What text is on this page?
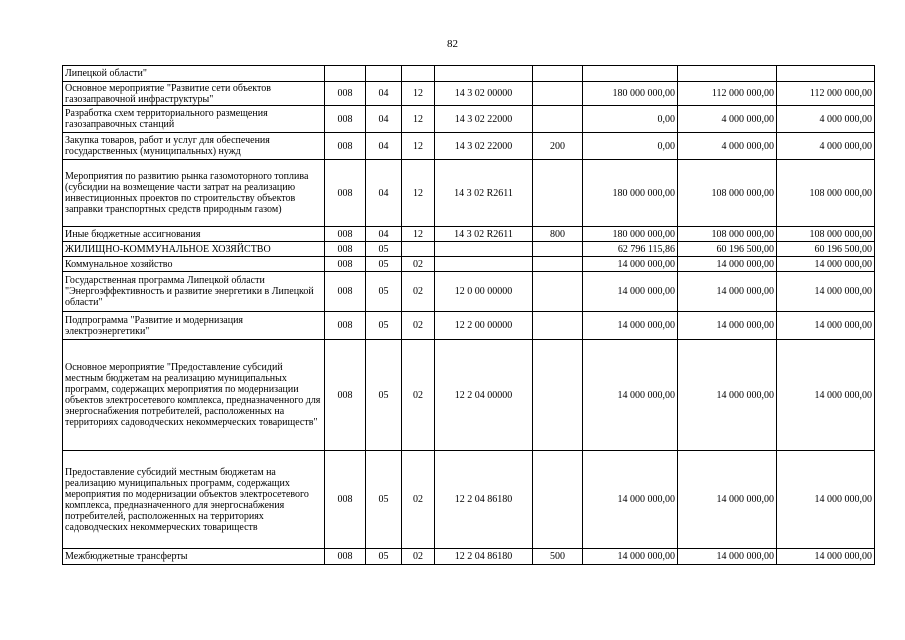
82
Липецкой области"								
Основное мероприятие "Развитие сети объектов газозаправочной инфраструктуры"	008	04	12	14 3 02 00000		180 000 000,00	112 000 000,00	112 000 000,00
Разработка схем территориального размещения газозаправочных станций	008	04	12	14 3 02 22000		0,00	4 000 000,00	4 000 000,00
Закупка товаров, работ и услуг для обеспечения государственных (муниципальных) нужд	008	04	12	14 3 02 22000	200	0,00	4 000 000,00	4 000 000,00
Мероприятия по развитию рынка газомоторного топлива (субсидии на возмещение части затрат на реализацию инвестиционных проектов по строительству объектов заправки транспортных средств природным газом)	008	04	12	14 3 02 R2611		180 000 000,00	108 000 000,00	108 000 000,00
Иные бюджетные ассигнования	008	04	12	14 3 02 R2611	800	180 000 000,00	108 000 000,00	108 000 000,00
ЖИЛИЩНО-КОММУНАЛЬНОЕ ХОЗЯЙСТВО	008	05				62 796 115,86	60 196 500,00	60 196 500,00
Коммунальное хозяйство	008	05	02			14 000 000,00	14 000 000,00	14 000 000,00
Государственная программа Липецкой области "Энергоэффективность и развитие энергетики в Липецкой области"	008	05	02	12 0 00 00000		14 000 000,00	14 000 000,00	14 000 000,00
Подпрограмма "Развитие и модернизация электроэнергетики"	008	05	02	12 2 00 00000		14 000 000,00	14 000 000,00	14 000 000,00
Основное мероприятие "Предоставление субсидий местным бюджетам на реализацию муниципальных программ, содержащих мероприятия по модернизации объектов электросетевого комплекса, предназначенного для энергоснабжения потребителей, расположенных на территориях садоводческих некоммерческих товариществ"	008	05	02	12 2 04 00000		14 000 000,00	14 000 000,00	14 000 000,00
Предоставление субсидий местным бюджетам на реализацию муниципальных программ, содержащих мероприятия по модернизации объектов электросетевого комплекса, предназначенного для энергоснабжения потребителей, расположенных на территориях садоводческих некоммерческих товариществ	008	05	02	12 2 04 86180		14 000 000,00	14 000 000,00	14 000 000,00
Межбюджетные трансферты	008	05	02	12 2 04 86180	500	14 000 000,00	14 000 000,00	14 000 000,00
